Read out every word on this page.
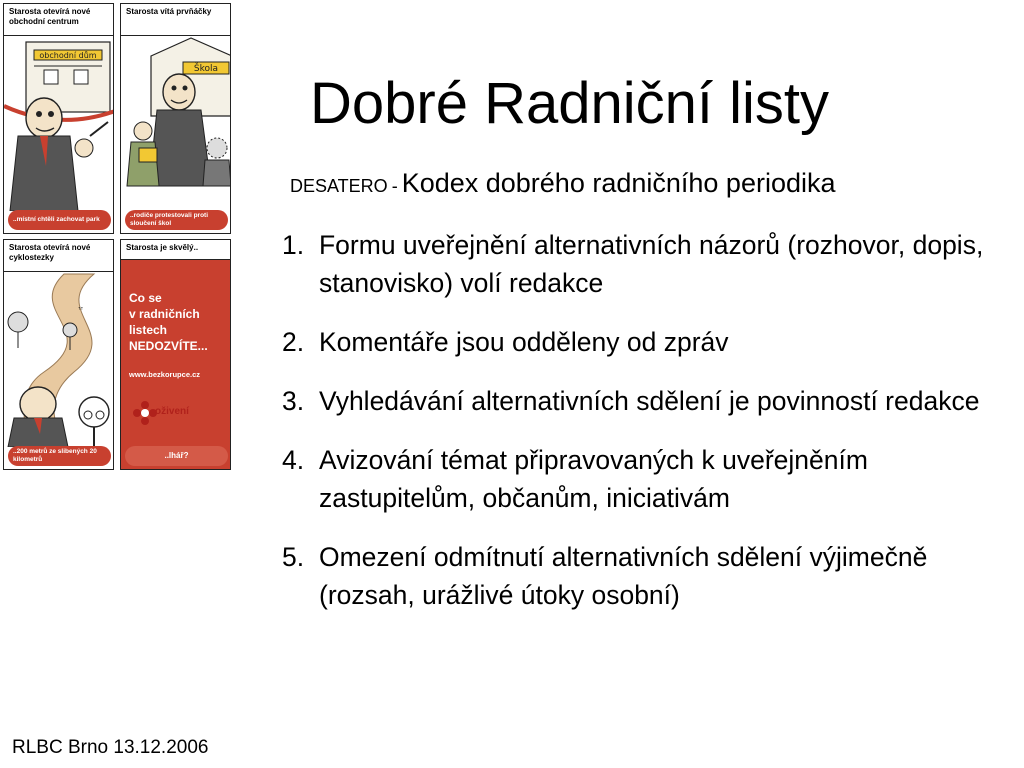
Starosta otevírá nové obchodní centrum
obchodní dům
..místní chtěli zachovat park
Starosta vítá prvňáčky
Škola
..rodiče protestovali proti sloučení škol
Starosta otevírá nové cyklostezky
ꜛꜛ
..200 metrů ze slibených 20 kilometrů
Starosta je skvělý..
Co se
v radničních
listech
NEDOZVÍTE...
www.bezkorupce.cz
oživení
..lhář?
Dobré Radniční listy
DESATERO - Kodex dobrého radničního periodika
1. Formu uveřejnění alternativních názorů (rozhovor, dopis, stanovisko) volí redakce
2. Komentáře jsou odděleny od zpráv
3. Vyhledávání alternativních sdělení je povinností redakce
4. Avizování témat připravovaných k uveřejněním zastupitelům, občanům, iniciativám
5. Omezení odmítnutí alternativních sdělení výjimečně (rozsah, urážlivé útoky osobní)
RLBC Brno 13.12.2006
